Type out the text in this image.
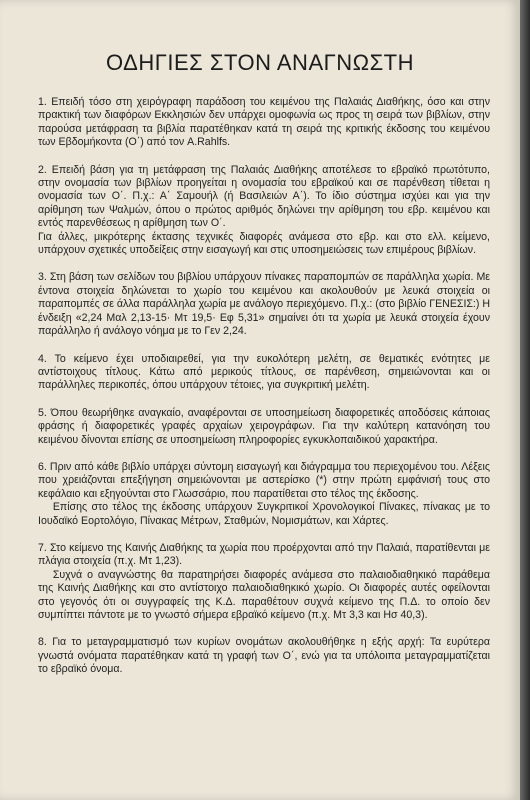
ΟΔΗΓΙΕΣ ΣΤΟΝ ΑΝΑΓΝΩΣΤΗ

1. Επειδή τόσο στη χειρόγραφη παράδοση του κειμένου της Παλαιάς Διαθήκης, όσο και στην πρακτική των διαφόρων Εκκλησιών δεν υπάρχει ομοφωνία ως προς τη σειρά των βιβλίων, στην παρούσα μετάφραση τα βιβλία παρατέθηκαν κατά τη σειρά της κριτικής έκδοσης του κειμένου των Εβδομήκοντα (Ο΄) από τον A.Rahlfs.

2. Επειδή βάση για τη μετάφραση της Παλαιάς Διαθήκης αποτέλεσε το εβραϊκό πρωτότυπο, στην ονομασία των βιβλίων προηγείται η ονομασία του εβραϊκού και σε παρένθεση τίθεται η ονομασία των Ο΄. Π.χ.: Α΄ Σαμουήλ (ή Βασιλειών Α΄). Το ίδιο σύστημα ισχύει και για την αρίθμηση των Ψαλμών, όπου ο πρώτος αριθμός δηλώνει την αρίθμηση του εβρ. κειμένου και εντός παρενθέσεως η αρίθμηση των Ο΄.

Για άλλες, μικρότερης έκτασης τεχνικές διαφορές ανάμεσα στο εβρ. και στο ελλ. κείμενο, υπάρχουν σχετικές υποδείξεις στην εισαγωγή και στις υποσημειώσεις των επιμέρους βιβλίων.

3. Στη βάση των σελίδων του βιβλίου υπάρχουν πίνακες παραπομπών σε παράλληλα χωρία. Με έντονα στοιχεία δηλώνεται το χωρίο του κειμένου και ακολουθούν με λευκά στοιχεία οι παραπομπές σε άλλα παράλληλα χωρία με ανάλογο περιεχόμενο. Π.χ.: (στο βιβλίο ΓΕΝΕΣΙΣ:) Η ένδειξη «2,24 Μαλ 2,13-15· Μτ 19,5· Εφ 5,31» σημαίνει ότι τα χωρία με λευκά στοιχεία έχουν παράλληλο ή ανάλογο νόημα με το Γεν 2,24.

4. Το κείμενο έχει υποδιαιρεθεί, για την ευκολότερη μελέτη, σε θεματικές ενότητες με αντίστοιχους τίτλους. Κάτω από μερικούς τίτλους, σε παρένθεση, σημειώνονται και οι παράλληλες περικοπές, όπου υπάρχουν τέτοιες, για συγκριτική μελέτη.

5. Όπου θεωρήθηκε αναγκαίο, αναφέρονται σε υποσημείωση διαφορετικές αποδόσεις κάποιας φράσης ή διαφορετικές γραφές αρχαίων χειρογράφων. Για την καλύτερη κατανόηση του κειμένου δίνονται επίσης σε υποσημείωση πληροφορίες εγκυκλοπαιδικού χαρακτήρα.

6. Πριν από κάθε βιβλίο υπάρχει σύντομη εισαγωγή και διάγραμμα του περιεχομένου του. Λέξεις που χρειάζονται επεξήγηση σημειώνονται με αστερίσκο (*) στην πρώτη εμφάνισή τους στο κεφάλαιο και εξηγούνται στο Γλωσσάριο, που παρατίθεται στο τέλος της έκδοσης.

Επίσης στο τέλος της έκδοσης υπάρχουν Συγκριτικοί Χρονολογικοί Πίνακες, πίνακας με το Ιουδαϊκό Εορτολόγιο, Πίνακας Μέτρων, Σταθμών, Νομισμάτων, και Χάρτες.

7. Στο κείμενο της Καινής Διαθήκης τα χωρία που προέρχονται από την Παλαιά, παρατίθενται με πλάγια στοιχεία (π.χ. Μτ 1,23).

Συχνά ο αναγνώστης θα παρατηρήσει διαφορές ανάμεσα στο παλαιοδιαθηκικό παράθεμα της Καινής Διαθήκης και στο αντίστοιχο παλαιοδιαθηκικό χωρίο. Οι διαφορές αυτές οφείλονται στο γεγονός ότι οι συγγραφείς της Κ.Δ. παραθέτουν συχνά κείμενο της Π.Δ. το οποίο δεν συμπίπτει πάντοτε με το γνωστό σήμερα εβραϊκό κείμενο (π.χ. Μτ 3,3 και Ησ 40,3).

8. Για το μεταγραμματισμό των κυρίων ονομάτων ακολουθήθηκε η εξής αρχή: Τα ευρύτερα γνωστά ονόματα παρατέθηκαν κατά τη γραφή των Ο΄, ενώ για τα υπόλοιπα μεταγραμματίζεται το εβραϊκό όνομα.
